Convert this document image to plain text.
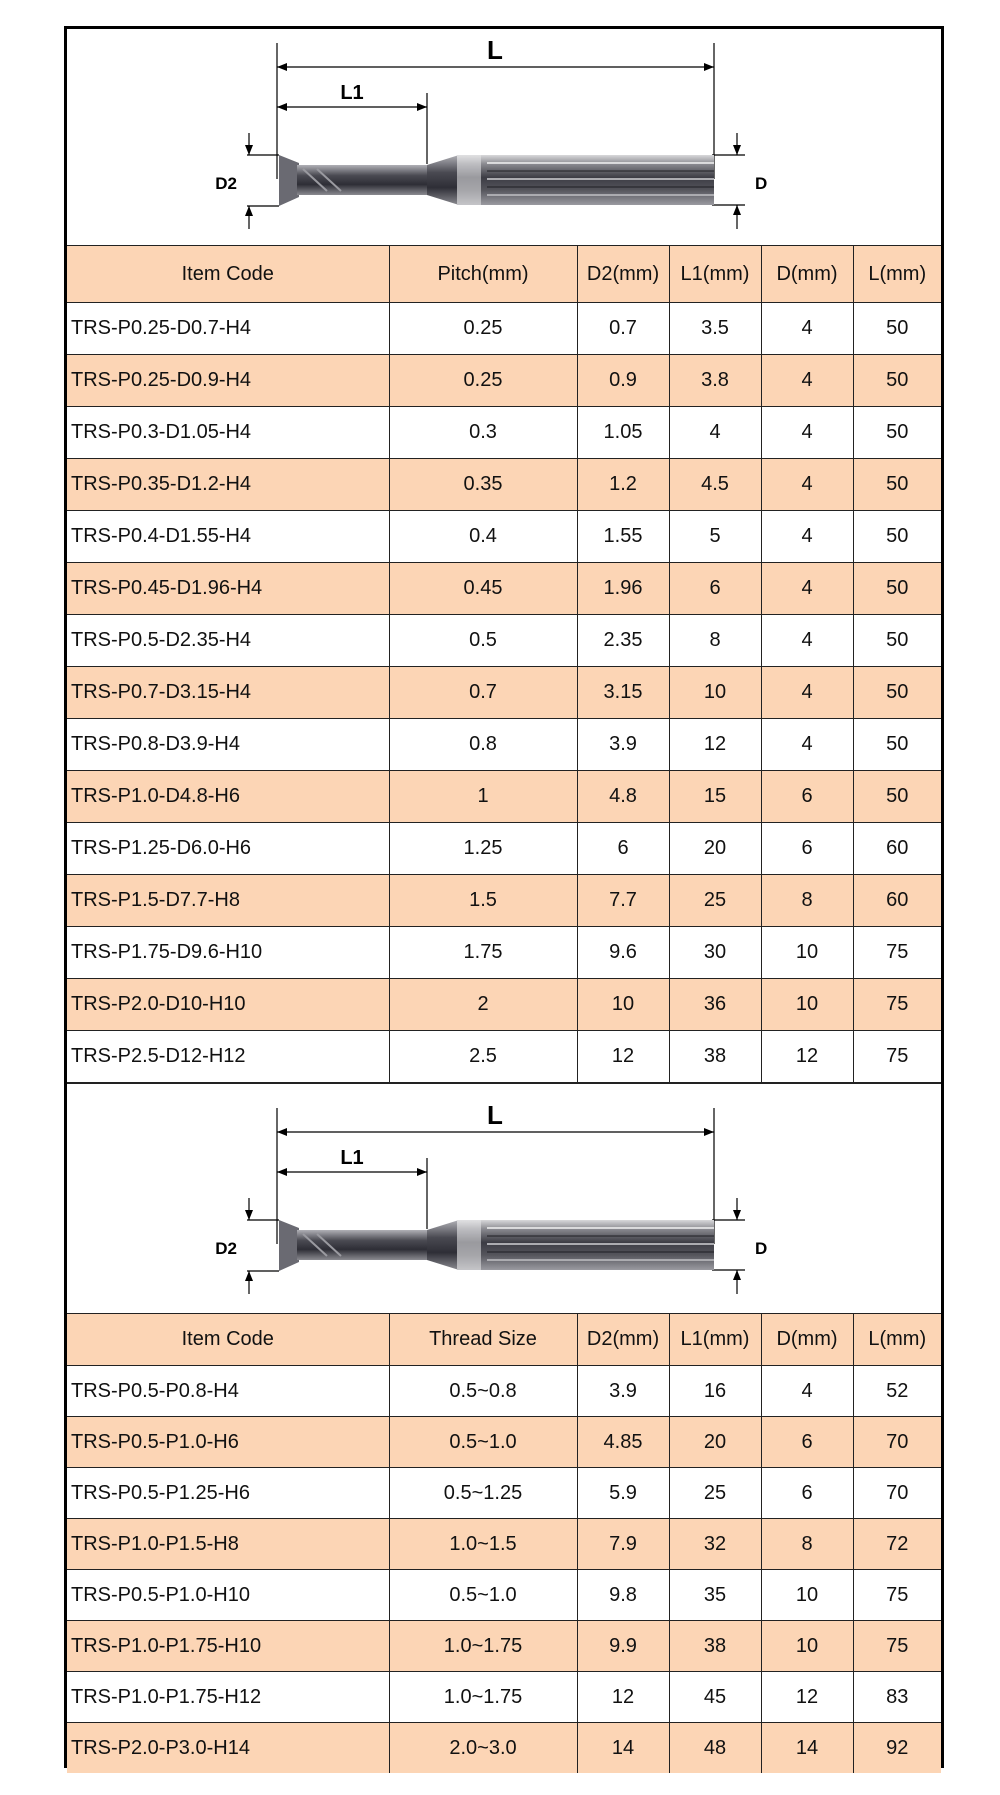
L
L1
D2	D
Item Code	Pitch(mm)	D2(mm)	L1(mm)	D(mm)	L(mm)
TRS-P0.25-D0.7-H4	0.25	0.7	3.5	4	50
TRS-P0.25-D0.9-H4	0.25	0.9	3.8	4	50
TRS-P0.3-D1.05-H4	0.3	1.05	4	4	50
TRS-P0.35-D1.2-H4	0.35	1.2	4.5	4	50
TRS-P0.4-D1.55-H4	0.4	1.55	5	4	50
TRS-P0.45-D1.96-H4	0.45	1.96	6	4	50
TRS-P0.5-D2.35-H4	0.5	2.35	8	4	50
TRS-P0.7-D3.15-H4	0.7	3.15	10	4	50
TRS-P0.8-D3.9-H4	0.8	3.9	12	4	50
TRS-P1.0-D4.8-H6	1	4.8	15	6	50
TRS-P1.25-D6.0-H6	1.25	6	20	6	60
TRS-P1.5-D7.7-H8	1.5	7.7	25	8	60
TRS-P1.75-D9.6-H10	1.75	9.6	30	10	75
TRS-P2.0-D10-H10	2	10	36	10	75
TRS-P2.5-D12-H12	2.5	12	38	12	75
L
L1
D2	D
Item Code	Thread Size	D2(mm)	L1(mm)	D(mm)	L(mm)
TRS-P0.5-P0.8-H4	0.5~0.8	3.9	16	4	52
TRS-P0.5-P1.0-H6	0.5~1.0	4.85	20	6	70
TRS-P0.5-P1.25-H6	0.5~1.25	5.9	25	6	70
TRS-P1.0-P1.5-H8	1.0~1.5	7.9	32	8	72
TRS-P0.5-P1.0-H10	0.5~1.0	9.8	35	10	75
TRS-P1.0-P1.75-H10	1.0~1.75	9.9	38	10	75
TRS-P1.0-P1.75-H12	1.0~1.75	12	45	12	83
TRS-P2.0-P3.0-H14	2.0~3.0	14	48	14	92
